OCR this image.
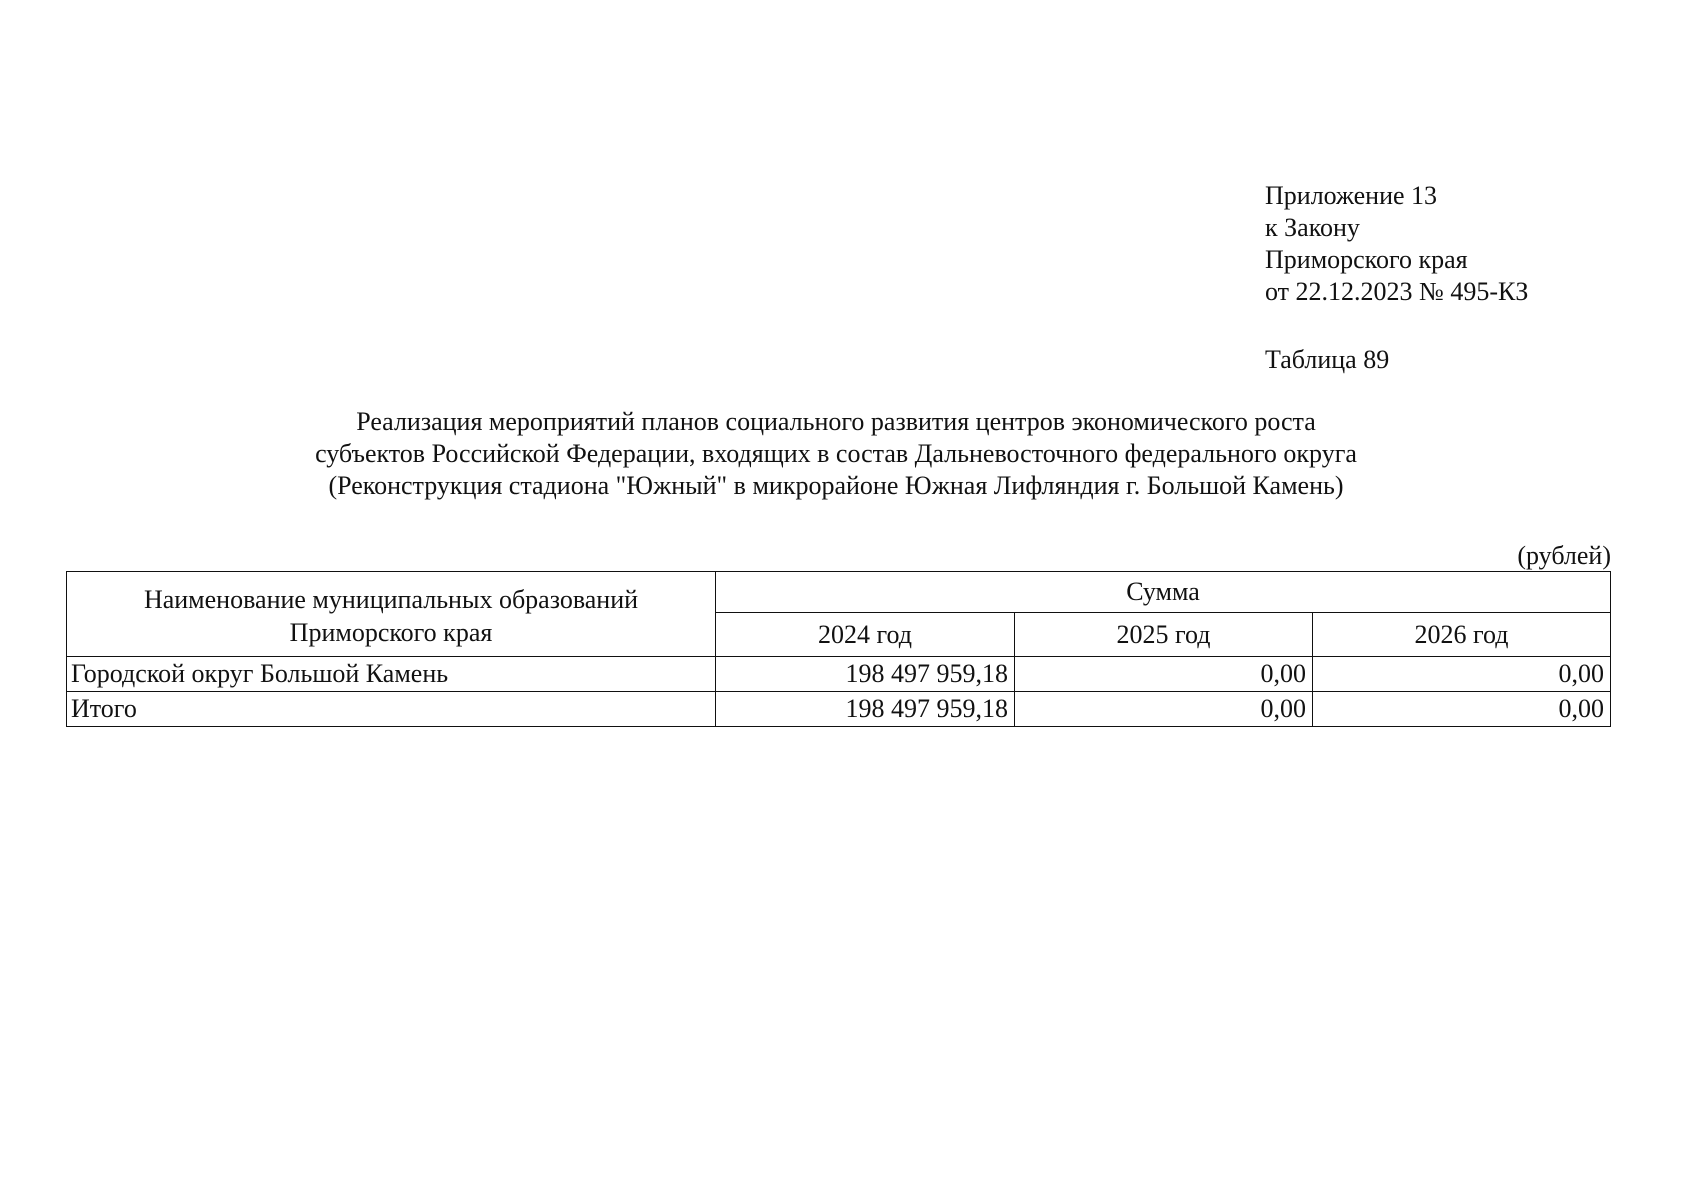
Приложение 13
к Закону
Приморского края
от 22.12.2023 № 495-КЗ
Таблица 89
Реализация мероприятий планов социального развития центров экономического роста
субъектов Российской Федерации, входящих в состав Дальневосточного федерального округа
(Реконструкция стадиона "Южный" в микрорайоне Южная Лифляндия г. Большой Камень)
(рублей)
Наименование муниципальных образований
Приморского края	Сумма		
	2024 год	2025 год	2026 год
Городской округ Большой Камень	198 497 959,18	0,00	0,00
Итого	198 497 959,18	0,00	0,00
